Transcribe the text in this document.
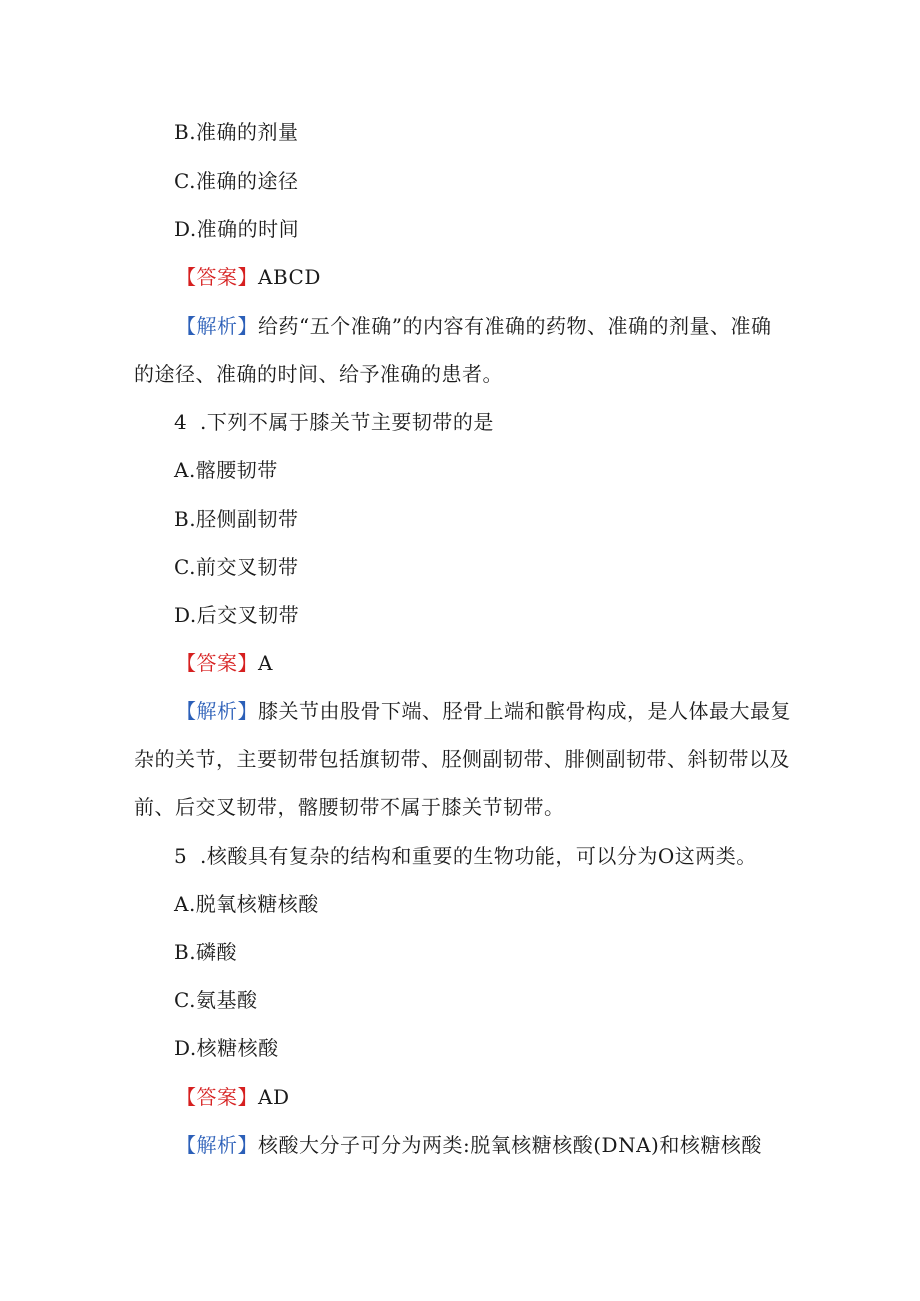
B.准确的剂量
C.准确的途径
D.准确的时间
【答案】ABCD
【解析】给药“五个准确”的内容有准确的药物、准确的剂量、准确
的途径、准确的时间、给予准确的患者。
4 .下列不属于膝关节主要韧带的是
A.髂腰韧带
B.胫侧副韧带
C.前交叉韧带
D.后交叉韧带
【答案】A
【解析】膝关节由股骨下端、胫骨上端和髌骨构成，是人体最大最复
杂的关节，主要韧带包括旗韧带、胫侧副韧带、腓侧副韧带、斜韧带以及
前、后交叉韧带，髂腰韧带不属于膝关节韧带。
5 .核酸具有复杂的结构和重要的生物功能，可以分为O这两类。
A.脱氧核糖核酸
B.磷酸
C.氨基酸
D.核糖核酸
【答案】AD
【解析】核酸大分子可分为两类:脱氧核糖核酸(DNA)和核糖核酸
